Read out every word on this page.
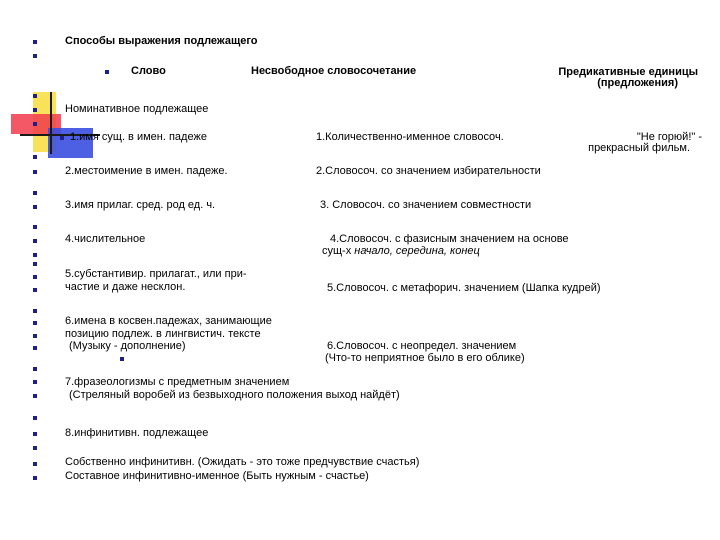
Способы выражения подлежащего
Слово	Несвободное словосочетание	Предикативные единицы
(предложения)
Номинативное подлежащее
1.имя сущ. в имен. падеже
2.местоимение в имен. падеже.
3.имя прилаг. сред. род ед. ч.
4.числительное
5.субстантивир. прилагат., или при-
частие и даже несклон.
6.имена в косвен.падежах, занимающие
позицию подлеж. в лингвистич. тексте
(Музыку - дополнение)
7.фразеологизмы с предметным значением
(Стреляный воробей из безвыходного положения выход найдёт)
8.инфинитивн. подлежащее
1.Количественно-именное словосоч.
2.Словосоч. со значением избирательности
3. Словосоч. со значением совместности
4.Словосоч. с фазисным значением на основе
сущ-х начало, середина, конец
5.Словосоч. с метафорич. значением (Шапка кудрей)
6.Словосоч. с неопредел. значением
(Что-то неприятное было в его облике)
"Не горюй!" -
прекрасный фильм.
Собственно инфинитивн. (Ожидать - это тоже предчувствие счастья)
Составное инфинитивно-именное (Быть нужным - счастье)
